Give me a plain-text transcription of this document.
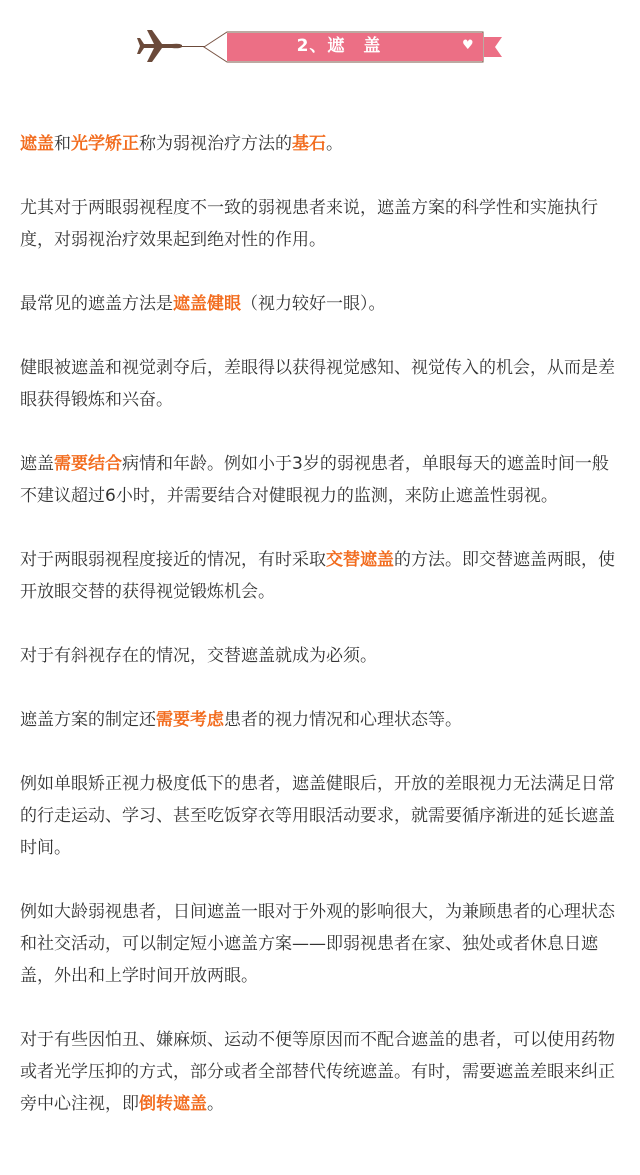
2、遮　盖	♥

遮盖和光学矫正称为弱视治疗方法的基石。

尤其对于两眼弱视程度不一致的弱视患者来说，遮盖方案的科学性和实施执行度，对弱视治疗效果起到绝对性的作用。

最常见的遮盖方法是遮盖健眼（视力较好一眼）。

健眼被遮盖和视觉剥夺后，差眼得以获得视觉感知、视觉传入的机会，从而是差眼获得锻炼和兴奋。

遮盖需要结合病情和年龄。例如小于3岁的弱视患者，单眼每天的遮盖时间一般不建议超过6小时，并需要结合对健眼视力的监测，来防止遮盖性弱视。

对于两眼弱视程度接近的情况，有时采取交替遮盖的方法。即交替遮盖两眼，使开放眼交替的获得视觉锻炼机会。

对于有斜视存在的情况，交替遮盖就成为必须。

遮盖方案的制定还需要考虑患者的视力情况和心理状态等。

例如单眼矫正视力极度低下的患者，遮盖健眼后，开放的差眼视力无法满足日常的行走运动、学习、甚至吃饭穿衣等用眼活动要求，就需要循序渐进的延长遮盖时间。

例如大龄弱视患者，日间遮盖一眼对于外观的影响很大，为兼顾患者的心理状态和社交活动，可以制定短小遮盖方案——即弱视患者在家、独处或者休息日遮盖，外出和上学时间开放两眼。

对于有些因怕丑、嫌麻烦、运动不便等原因而不配合遮盖的患者，可以使用药物或者光学压抑的方式，部分或者全部替代传统遮盖。有时，需要遮盖差眼来纠正旁中心注视，即倒转遮盖。
